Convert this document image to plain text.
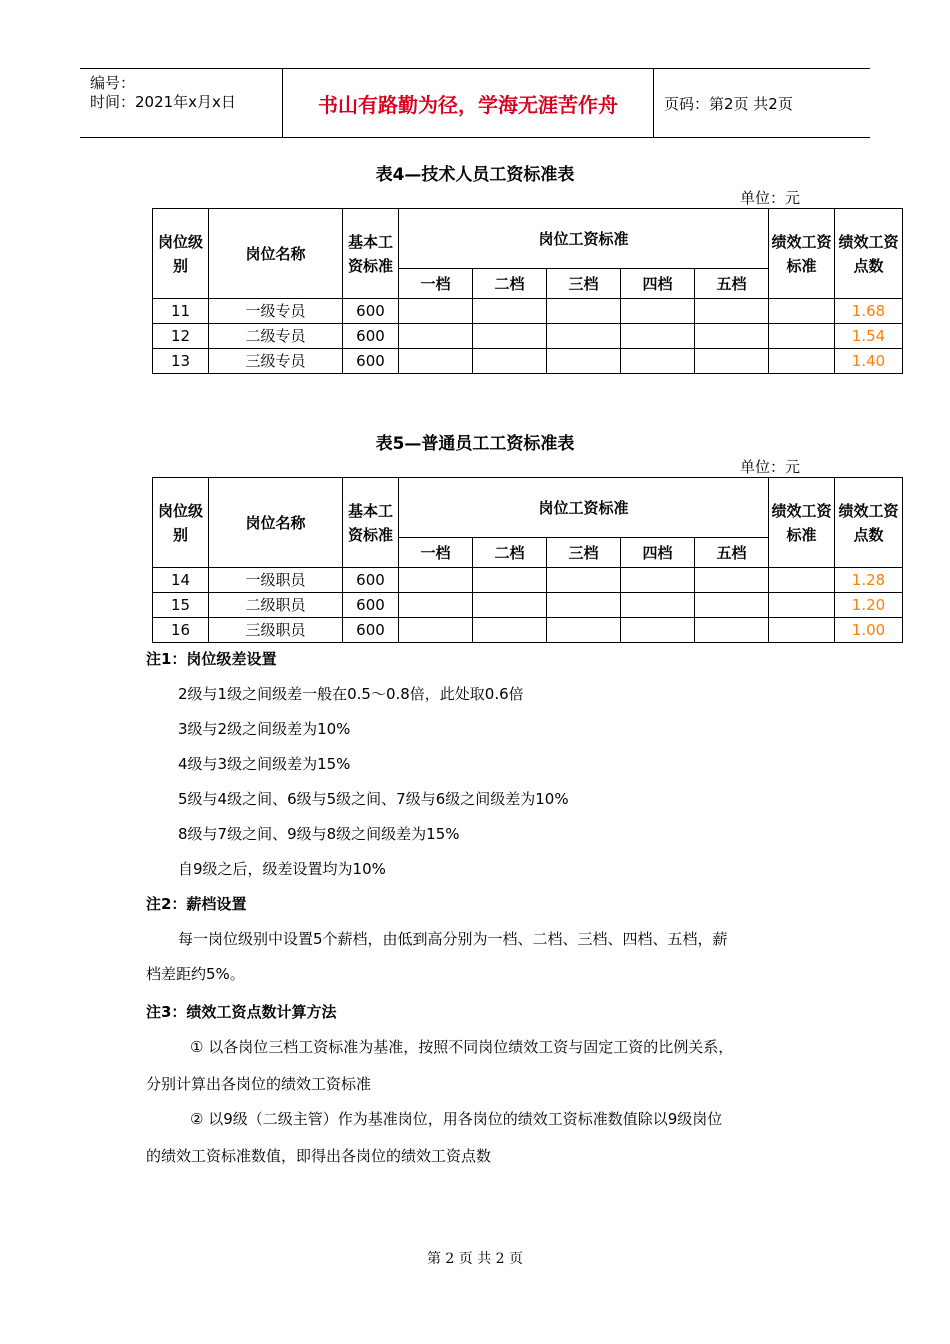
编号：
时间：2021年x月x日	书山有路勤为径，学海无涯苦作舟	页码：第2页 共2页
表4—技术人员工资标准表
单位：元
岗位级别	岗位名称	基本工资标准	岗位工资标准					绩效工资标准	绩效工资点数
			一档	二档	三档	四档	五档		
11	一级专员	600							1.68
12	二级专员	600							1.54
13	三级专员	600							1.40
表5—普通员工工资标准表
单位：元
岗位级别	岗位名称	基本工资标准	岗位工资标准					绩效工资标准	绩效工资点数
			一档	二档	三档	四档	五档		
14	一级职员	600							1.28
15	二级职员	600							1.20
16	三级职员	600							1.00
注1：岗位级差设置
2级与1级之间级差一般在0.5～0.8倍，此处取0.6倍
3级与2级之间级差为10%
4级与3级之间级差为15%
5级与4级之间、6级与5级之间、7级与6级之间级差为10%
8级与7级之间、9级与8级之间级差为15%
自9级之后，级差设置均为10%
注2：薪档设置
每一岗位级别中设置5个薪档，由低到高分别为一档、二档、三档、四档、五档，薪
档差距约5%。
注3：绩效工资点数计算方法
① 以各岗位三档工资标准为基准，按照不同岗位绩效工资与固定工资的比例关系，
分别计算出各岗位的绩效工资标准
② 以9级（二级主管）作为基准岗位，用各岗位的绩效工资标准数值除以9级岗位
的绩效工资标准数值，即得出各岗位的绩效工资点数
第 2 页 共 2 页
